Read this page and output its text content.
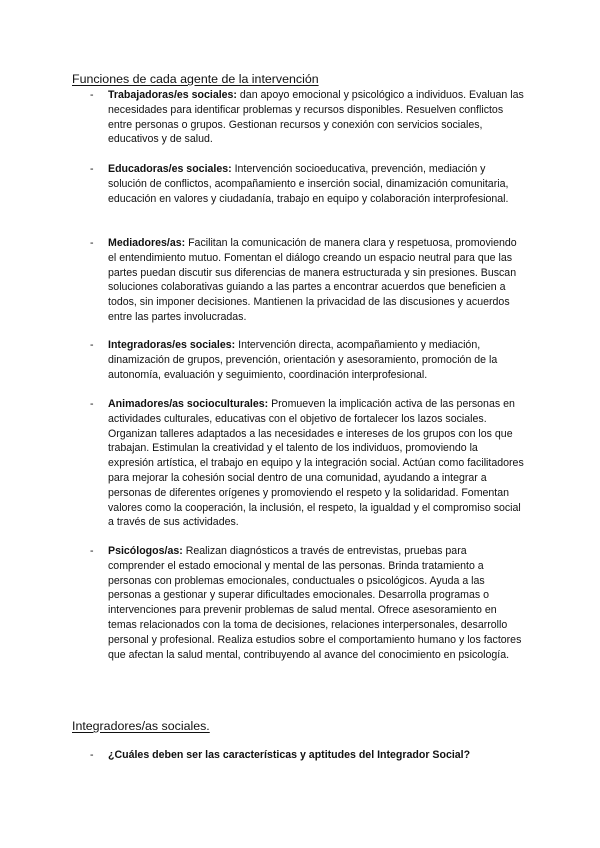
Funciones de cada agente de la intervención
- Trabajadoras/es sociales: dan apoyo emocional y psicológico a individuos. Evaluan las necesidades para identificar problemas y recursos disponibles. Resuelven conflictos entre personas o grupos. Gestionan recursos y conexión con servicios sociales, educativos y de salud.
- Educadoras/es sociales: Intervención socioeducativa, prevención, mediación y solución de conflictos, acompañamiento e inserción social, dinamización comunitaria, educación en valores y ciudadanía, trabajo en equipo y colaboración interprofesional.
- Mediadores/as: Facilitan la comunicación de manera clara y respetuosa, promoviendo el entendimiento mutuo. Fomentan el diálogo creando un espacio neutral para que las partes puedan discutir sus diferencias de manera estructurada y sin presiones. Buscan soluciones colaborativas guiando a las partes a encontrar acuerdos que beneficien a todos, sin imponer decisiones. Mantienen la privacidad de las discusiones y acuerdos entre las partes involucradas.
- Integradoras/es sociales: Intervención directa, acompañamiento y mediación, dinamización de grupos, prevención, orientación y asesoramiento, promoción de la autonomía, evaluación y seguimiento, coordinación interprofesional.
- Animadores/as socioculturales: Promueven la implicación activa de las personas en actividades culturales, educativas con el objetivo de fortalecer los lazos sociales. Organizan talleres adaptados a las necesidades e intereses de los grupos con los que trabajan. Estimulan la creatividad y el talento de los individuos, promoviendo la expresión artística, el trabajo en equipo y la integración social. Actúan como facilitadores para mejorar la cohesión social dentro de una comunidad, ayudando a integrar a personas de diferentes orígenes y promoviendo el respeto y la solidaridad. Fomentan valores como la cooperación, la inclusión, el respeto, la igualdad y el compromiso social a través de sus actividades.
- Psicólogos/as: Realizan diagnósticos a través de entrevistas, pruebas para comprender el estado emocional y mental de las personas. Brinda tratamiento a personas con problemas emocionales, conductuales o psicológicos. Ayuda a las personas a gestionar y superar dificultades emocionales. Desarrolla programas o intervenciones para prevenir problemas de salud mental. Ofrece asesoramiento en temas relacionados con la toma de decisiones, relaciones interpersonales, desarrollo personal y profesional. Realiza estudios sobre el comportamiento humano y los factores que afectan la salud mental, contribuyendo al avance del conocimiento en psicología.
Integradores/as sociales.
- ¿Cuáles deben ser las características y aptitudes del Integrador Social?
